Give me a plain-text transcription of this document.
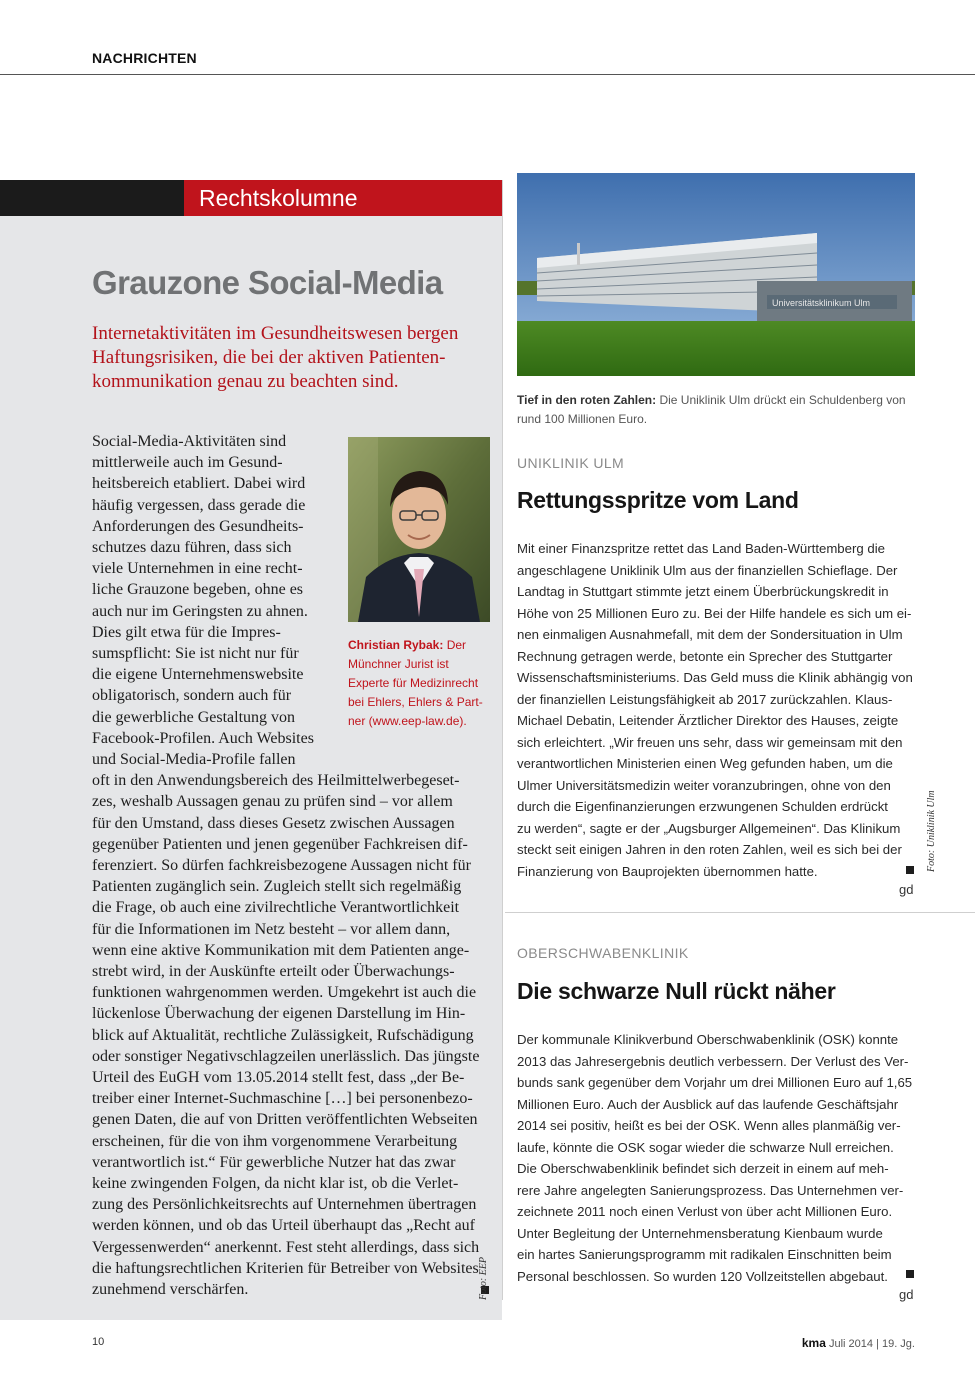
NACHRICHTEN
Rechtskolumne
Grauzone Social-Media
Internetaktivitäten im Gesundheitswesen bergen
Haftungsrisiken, die bei der aktiven Patienten-
kommunikation genau zu beachten sind.
Social-Media-Aktivitäten sind
mittlerweile auch im Gesund-
heitsbereich etabliert. Dabei wird
häufig vergessen, dass gerade die
Anforderungen des Gesundheits-
schutzes dazu führen, dass sich
viele Unternehmen in eine recht-
liche Grauzone begeben, ohne es
auch nur im Geringsten zu ahnen.
Dies gilt etwa für die Impres-
sumspflicht: Sie ist nicht nur für
die eigene Unternehmenswebsite
obligatorisch, sondern auch für
die gewerbliche Gestaltung von
Facebook-Profilen. Auch Websites
und Social-Media-Profile fallen
oft in den Anwendungsbereich des Heilmittelwerbegeset-
zes, weshalb Aussagen genau zu prüfen sind – vor allem
für den Umstand, dass dieses Gesetz zwischen Aussagen
gegenüber Patienten und jenen gegenüber Fachkreisen dif-
ferenziert. So dürfen fachkreisbezogene Aussagen nicht für
Patienten zugänglich sein. Zugleich stellt sich regelmäßig
die Frage, ob auch eine zivilrechtliche Verantwortlichkeit
für die Informationen im Netz besteht – vor allem dann,
wenn eine aktive Kommunikation mit dem Patienten ange-
strebt wird, in der Auskünfte erteilt oder Überwachungs-
funktionen wahrgenommen werden. Umgekehrt ist auch die
lückenlose Überwachung der eigenen Darstellung im Hin-
blick auf Aktualität, rechtliche Zulässigkeit, Rufschädigung
oder sonstiger Negativschlagzeilen unerlässlich. Das jüngste
Urteil des EuGH vom 13.05.2014 stellt fest, dass „der Be-
treiber einer Internet-Suchmaschine […] bei personenbezo-
genen Daten, die auf von Dritten veröffentlichten Webseiten
erscheinen, für die von ihm vorgenommene Verarbeitung
verantwortlich ist.“ Für gewerbliche Nutzer hat das zwar
keine zwingenden Folgen, da nicht klar ist, ob die Verlet-
zung des Persönlichkeitsrechts auf Unternehmen übertragen
werden können, und ob das Urteil überhaupt das „Recht auf
Vergessenwerden“ anerkennt. Fest steht allerdings, dass sich
die haftungsrechtlichen Kriterien für Betreiber von Websites
zunehmend verschärfen.	Foto: EEP
Christian Rybak: Der
Münchner Jurist ist
Experte für Medizinrecht
bei Ehlers, Ehlers & Part-
ner (www.eep-law.de).
Universitätsklinikum Ulm
Tief in den roten Zahlen: Die Uniklinik Ulm drückt ein Schuldenberg von
rund 100 Millionen Euro.
UNIKLINIK ULM
Rettungsspritze vom Land
Mit einer Finanzspritze rettet das Land Baden-Württemberg die
angeschlagene Uniklinik Ulm aus der finanziellen Schieflage. Der
Landtag in Stuttgart stimmte jetzt einem Überbrückungskredit in
Höhe von 25 Millionen Euro zu. Bei der Hilfe handele es sich um ei-
nen einmaligen Ausnahmefall, mit dem der Sondersituation in Ulm
Rechnung getragen werde, betonte ein Sprecher des Stuttgarter
Wissenschaftsministeriums. Das Geld muss die Klinik abhängig von
der finanziellen Leistungsfähigkeit ab 2017 zurückzahlen. Klaus-
Michael Debatin, Leitender Ärztlicher Direktor des Hauses, zeigte
sich erleichtert. „Wir freuen uns sehr, dass wir gemeinsam mit den
verantwortlichen Ministerien einen Weg gefunden haben, um die
Ulmer Universitätsmedizin weiter voranzubringen, ohne von den
durch die Eigenfinanzierungen erzwungenen Schulden erdrückt
zu werden“, sagte er der „Augsburger Allgemeinen“. Das Klinikum
steckt seit einigen Jahren in den roten Zahlen, weil es sich bei der
Finanzierung von Bauprojekten übernommen hatte.
gd
Foto: Uniklinik Ulm
OBERSCHWABENKLINIK
Die schwarze Null rückt näher
Der kommunale Klinikverbund Oberschwabenklinik (OSK) konnte
2013 das Jahresergebnis deutlich verbessern. Der Verlust des Ver-
bunds sank gegenüber dem Vorjahr um drei Millionen Euro auf 1,65
Millionen Euro. Auch der Ausblick auf das laufende Geschäftsjahr
2014 sei positiv, heißt es bei der OSK. Wenn alles planmäßig ver-
laufe, könnte die OSK sogar wieder die schwarze Null erreichen.
Die Oberschwabenklinik befindet sich derzeit in einem auf meh-
rere Jahre angelegten Sanierungsprozess. Das Unternehmen ver-
zeichnete 2011 noch einen Verlust von über acht Millionen Euro.
Unter Begleitung der Unternehmensberatung Kienbaum wurde
ein hartes Sanierungsprogramm mit radikalen Einschnitten beim
Personal beschlossen. So wurden 120 Vollzeitstellen abgebaut.
gd
10	kma Juli 2014 | 19. Jg.
